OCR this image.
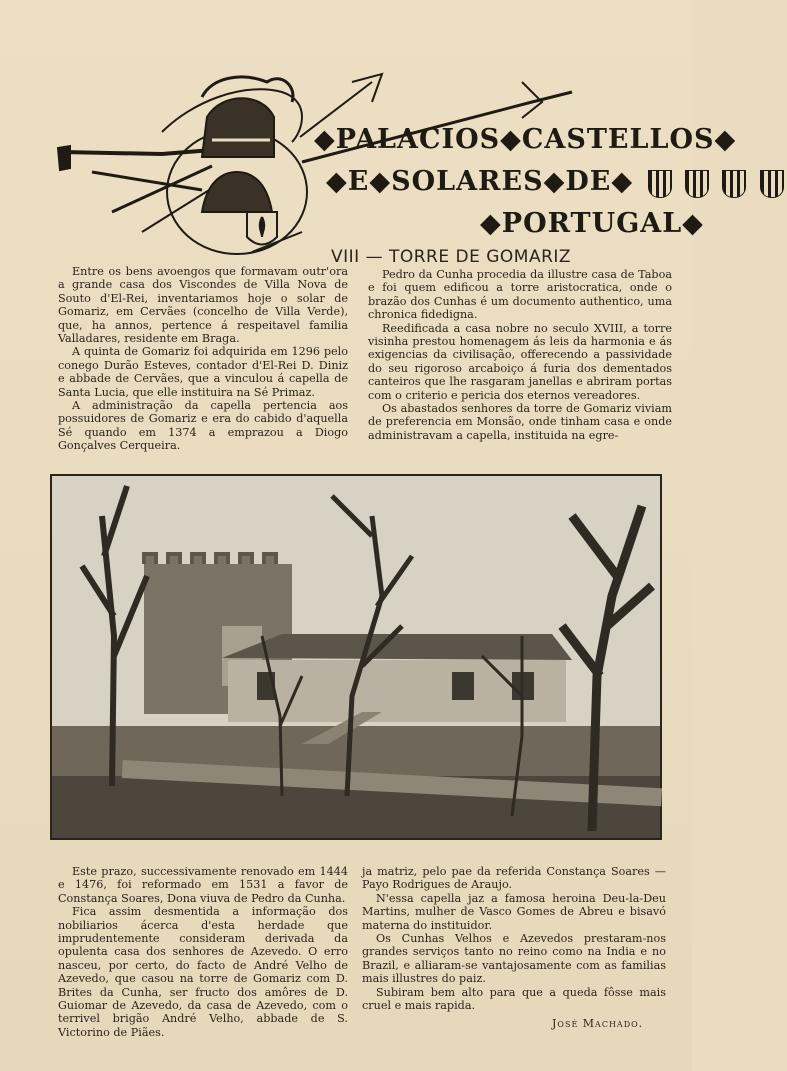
◆PALACIOS◆CASTELLOS◆
◆E◆SOLARES◆DE◆
◆PORTUGAL◆
VIII — TORRE DE GOMARIZ

Entre os bens avoengos que formavam outr'ora a grande casa dos Viscondes de Villa Nova de Souto d'El-Rei, inventariamos hoje o solar de Gomariz, em Cervães (concelho de Villa Verde), que, ha annos, pertence á respeitavel familia Valladares, residente em Braga.

A quinta de Gomariz foi adquirida em 1296 pelo conego Durão Esteves, contador d'El-Rei D. Diniz e abbade de Cervães, que a vinculou á capella de Santa Lucia, que elle instituira na Sé Primaz.

A administração da capella pertencia aos possuidores de Gomariz e era do cabido d'aquella Sé quando em 1374 a emprazou a Diogo Gonçalves Cerqueira.

Pedro da Cunha procedia da illustre casa de Taboa e foi quem edificou a torre aristocratica, onde o brazão dos Cunhas é um documento authentico, uma chronica fidedigna.

Reedificada a casa nobre no seculo XVIII, a torre visinha prestou homenagem ás leis da harmonia e ás exigencias da civilisação, offerecendo a passividade do seu rigoroso arcaboiço á furia dos dementados canteiros que lhe rasgaram janellas e abriram portas com o criterio e pericia dos eternos vereadores.

Os abastados senhores da torre de Gomariz viviam de preferencia em Monsão, onde tinham casa e onde administravam a capella, instituida na egre-

Este prazo, successivamente renovado em 1444 e 1476, foi reformado em 1531 a favor de Constança Soares, Dona viuva de Pedro da Cunha.

Fica assim desmentida a informação dos nobiliarios ácerca d'esta herdade que imprudentemente consideram derivada da opulenta casa dos senhores de Azevedo. O erro nasceu, por certo, do facto de André Velho de Azevedo, que casou na torre de Gomariz com D. Brites da Cunha, ser fructo dos amôres de D. Guiomar de Azevedo, da casa de Azevedo, com o terrivel brigão André Velho, abbade de S. Victorino de Piães.

ja matriz, pelo pae da referida Constança Soares — Payo Rodrigues de Araujo.

N'essa capella jaz a famosa heroina Deu-la-Deu Martins, mulher de Vasco Gomes de Abreu e bisavó materna do instituidor.

Os Cunhas Velhos e Azevedos prestaram-nos grandes serviços tanto no reino como na India e no Brazil, e alliaram-se vantajosamente com as familias mais illustres do paiz.

Subiram bem alto para que a queda fôsse mais cruel e mais rapida.

José Machado.
